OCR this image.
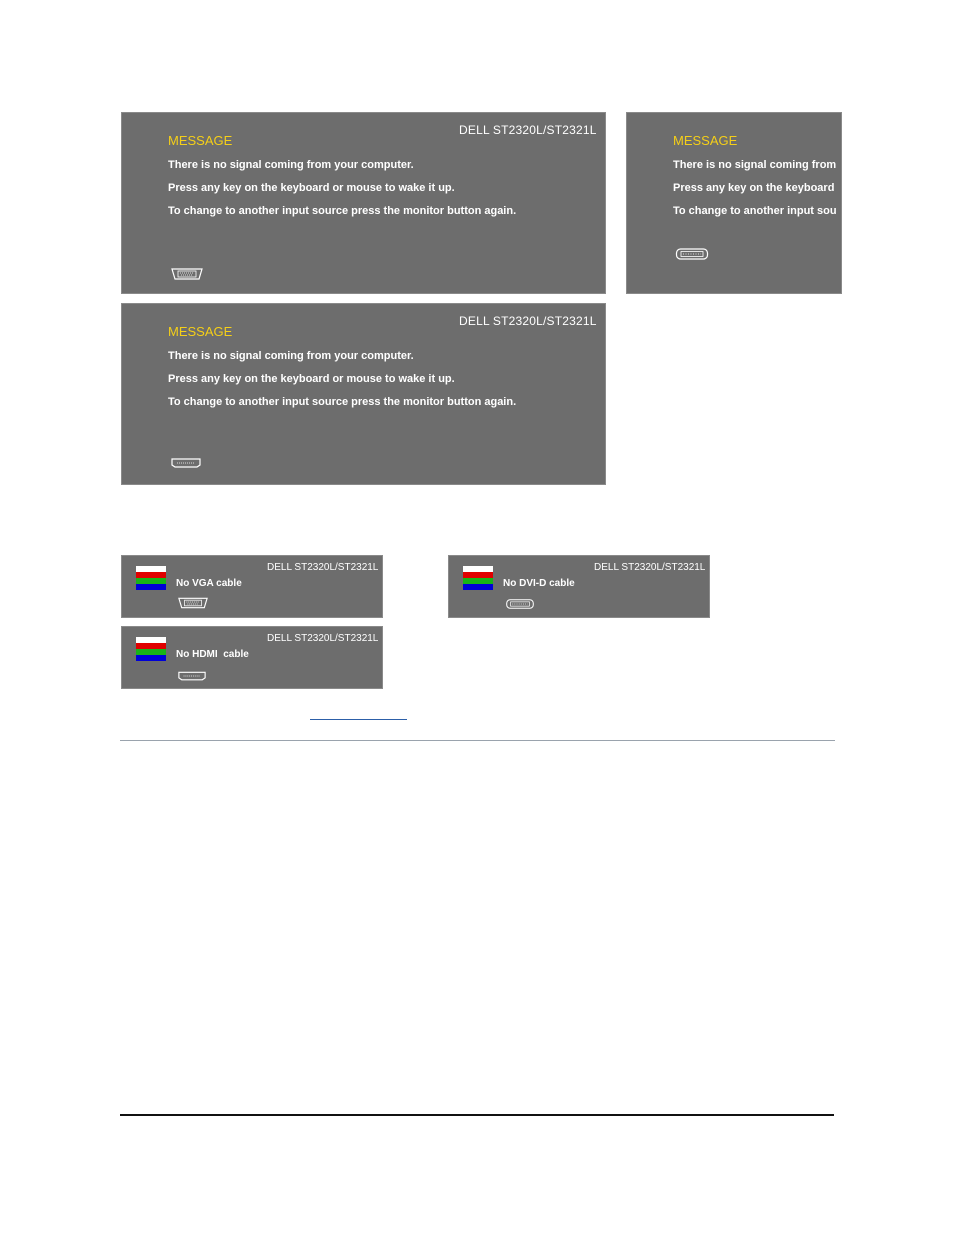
MESSAGE
DELL ST2320L/ST2321L
There is no signal coming from your computer.
Press any key on the keyboard or mouse to wake it up.
To change to another input source press the monitor button again.
MESSAGE
There is no signal coming from
Press any key on the keyboard
To change to another input sou
MESSAGE
DELL ST2320L/ST2321L
There is no signal coming from your computer.
Press any key on the keyboard or mouse to wake it up.
To change to another input source press the monitor button again.
DELL ST2320L/ST2321L
No VGA cable
DELL ST2320L/ST2321L
No DVI-D cable
DELL ST2320L/ST2321L
No HDMI  cable
